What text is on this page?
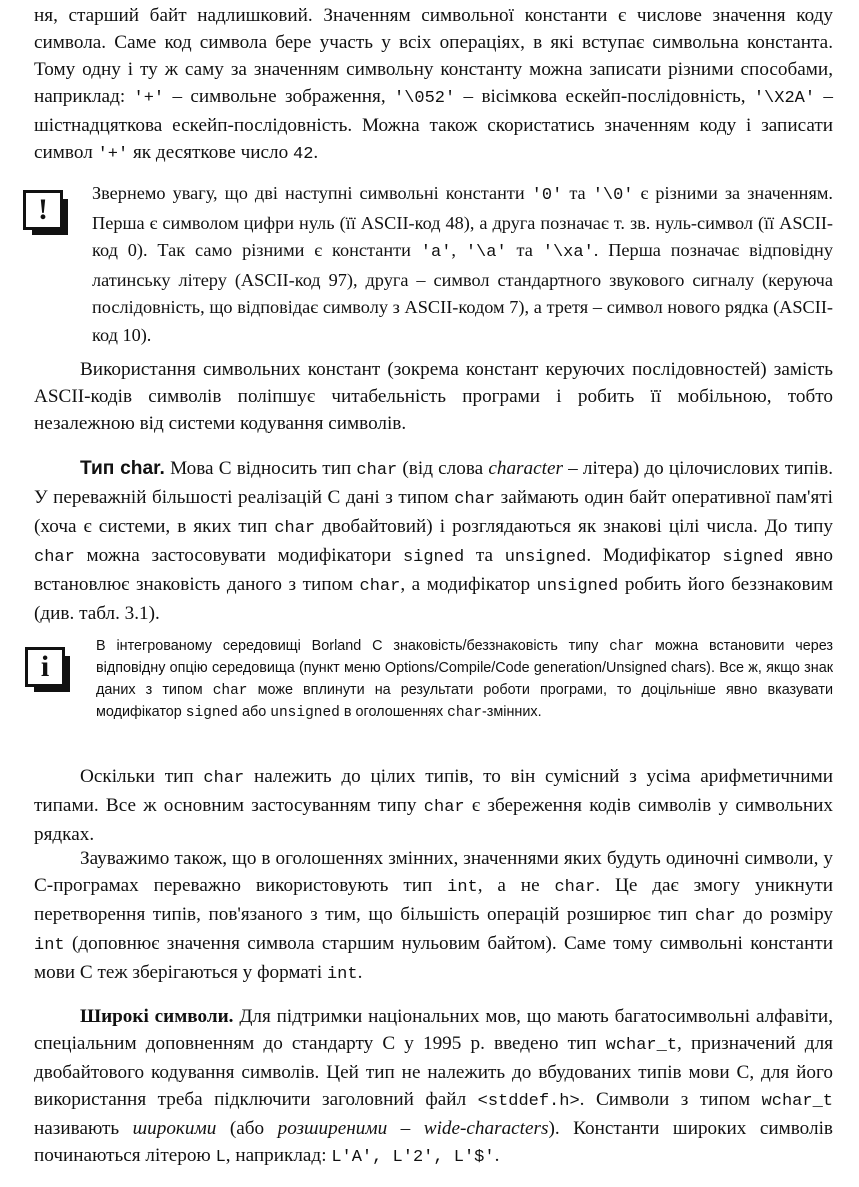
ня, старший байт надлишковий. Значенням символьної константи є числове значення коду символа. Саме код символа бере участь у всіх операціях, в які вступає символьна константа. Тому одну і ту ж саму за значенням символьну константу можна записати різними способами, наприклад: '+' – символьне зображення, '\052' – вісімкова ескейп-послідовність, '\X2A' – шістнадцяткова ескейп-послідовність. Можна також скористатись значенням коду і записати символ '+' як десяткове число 42.
! Звернемо увагу, що дві наступні символьні константи '0' та '\0' є різними за значенням. Перша є символом цифри нуль (її ASCII-код 48), а друга позначає т. зв. нуль-символ (її ASCII-код 0). Так само різними є константи 'a', '\a' та '\xa'. Перша позначає відповідну латинську літеру (ASCII-код 97), друга – символ стандартного звукового сигналу (керуюча послідовність, що відповідає символу з ASCII-кодом 7), а третя – символ нового рядка (ASCII-код 10).
Використання символьних констант (зокрема констант керуючих послідовностей) замість ASCII-кодів символів поліпшує читабельність програми і робить її мобільною, тобто незалежною від системи кодування символів.
Тип char. Мова C відносить тип char (від слова character – літера) до цілочислових типів. У переважній більшості реалізацій C дані з типом char займають один байт оперативної пам'яті (хоча є системи, в яких тип char двобайтовий) і розглядаються як знакові цілі числа. До типу char можна застосовувати модифікатори signed та unsigned. Модифікатор signed явно встановлює знаковість даного з типом char, а модифікатор unsigned робить його беззнаковим (див. табл. 3.1).
i
В інтегрованому середовищі Borland C знаковість/беззнаковість типу char можна встановити через відповідну опцію середовища (пункт меню Options/Compile/Code generation/Unsigned chars). Все ж, якщо знак даних з типом char може вплинути на результати роботи програми, то доцільніше явно вказувати модифікатор signed або unsigned в оголошеннях char-змінних.
Оскільки тип char належить до цілих типів, то він сумісний з усіма арифметичними типами. Все ж основним застосуванням типу char є збереження кодів символів у символьних рядках.
Зауважимо також, що в оголошеннях змінних, значеннями яких будуть одиночні символи, у C-програмах переважно використовують тип int, а не char. Це дає змогу уникнути перетворення типів, пов'язаного з тим, що більшість операцій розширює тип char до розміру int (доповнює значення символа старшим нульовим байтом). Саме тому символьні константи мови C теж зберігаються у форматі int.
Широкі символи. Для підтримки національних мов, що мають багатосимвольні алфавіти, спеціальним доповненням до стандарту C у 1995 р. введено тип wchar_t, призначений для двобайтового кодування символів. Цей тип не належить до вбудованих типів мови C, для його використання треба підключити заголовний файл <stddef.h>. Символи з типом wchar_t називають широкими (або розширеними – wide-characters). Константи широких символів починаються літерою L, наприклад: L'A', L'2', L'$'.
